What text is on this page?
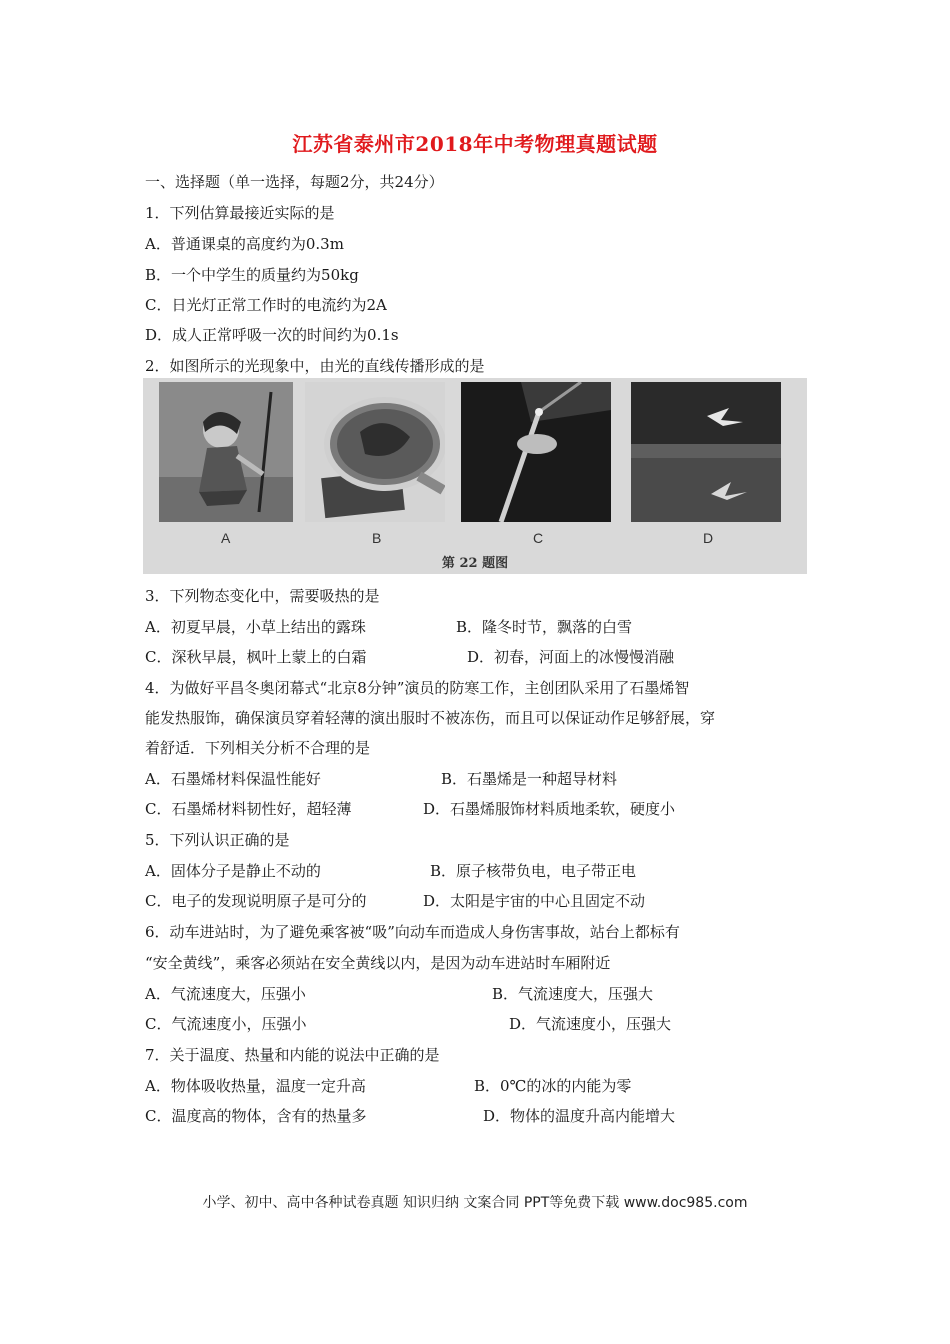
江苏省泰州市2018年中考物理真题试题
一、选择题（单一选择，每题2分，共24分）
1．下列估算最接近实际的是
A．普通课桌的高度约为0.3m
B．一个中学生的质量约为50kg
C．日光灯正常工作时的电流约为2A
D．成人正常呼吸一次的时间约为0.1s
2．如图所示的光现象中，由光的直线传播形成的是
A	B	C	D
第 22 题图
3．下列物态变化中，需要吸热的是
A．初夏早晨，小草上结出的露珠	B．隆冬时节，飘落的白雪
C．深秋早晨，枫叶上蒙上的白霜	D．初春，河面上的冰慢慢消融
4．为做好平昌冬奥闭幕式“北京8分钟”演员的防寒工作，主创团队采用了石墨烯智
能发热服饰，确保演员穿着轻薄的演出服时不被冻伤，而且可以保证动作足够舒展，穿
着舒适．下列相关分析不合理的是
A．石墨烯材料保温性能好	B．石墨烯是一种超导材料
C．石墨烯材料韧性好，超轻薄	D．石墨烯服饰材料质地柔软，硬度小
5．下列认识正确的是
A．固体分子是静止不动的	B．原子核带负电，电子带正电
C．电子的发现说明原子是可分的	D．太阳是宇宙的中心且固定不动
6．动车进站时，为了避免乘客被“吸”向动车而造成人身伤害事故，站台上都标有
“安全黄线”，乘客必须站在安全黄线以内，是因为动车进站时车厢附近
A．气流速度大，压强小	B．气流速度大，压强大
C．气流速度小，压强小	D．气流速度小，压强大
7．关于温度、热量和内能的说法中正确的是
A．物体吸收热量，温度一定升高	B．0℃的冰的内能为零
C．温度高的物体，含有的热量多	D．物体的温度升高内能增大
小学、初中、高中各种试卷真题 知识归纳 文案合同 PPT等免费下载 www.doc985.com
